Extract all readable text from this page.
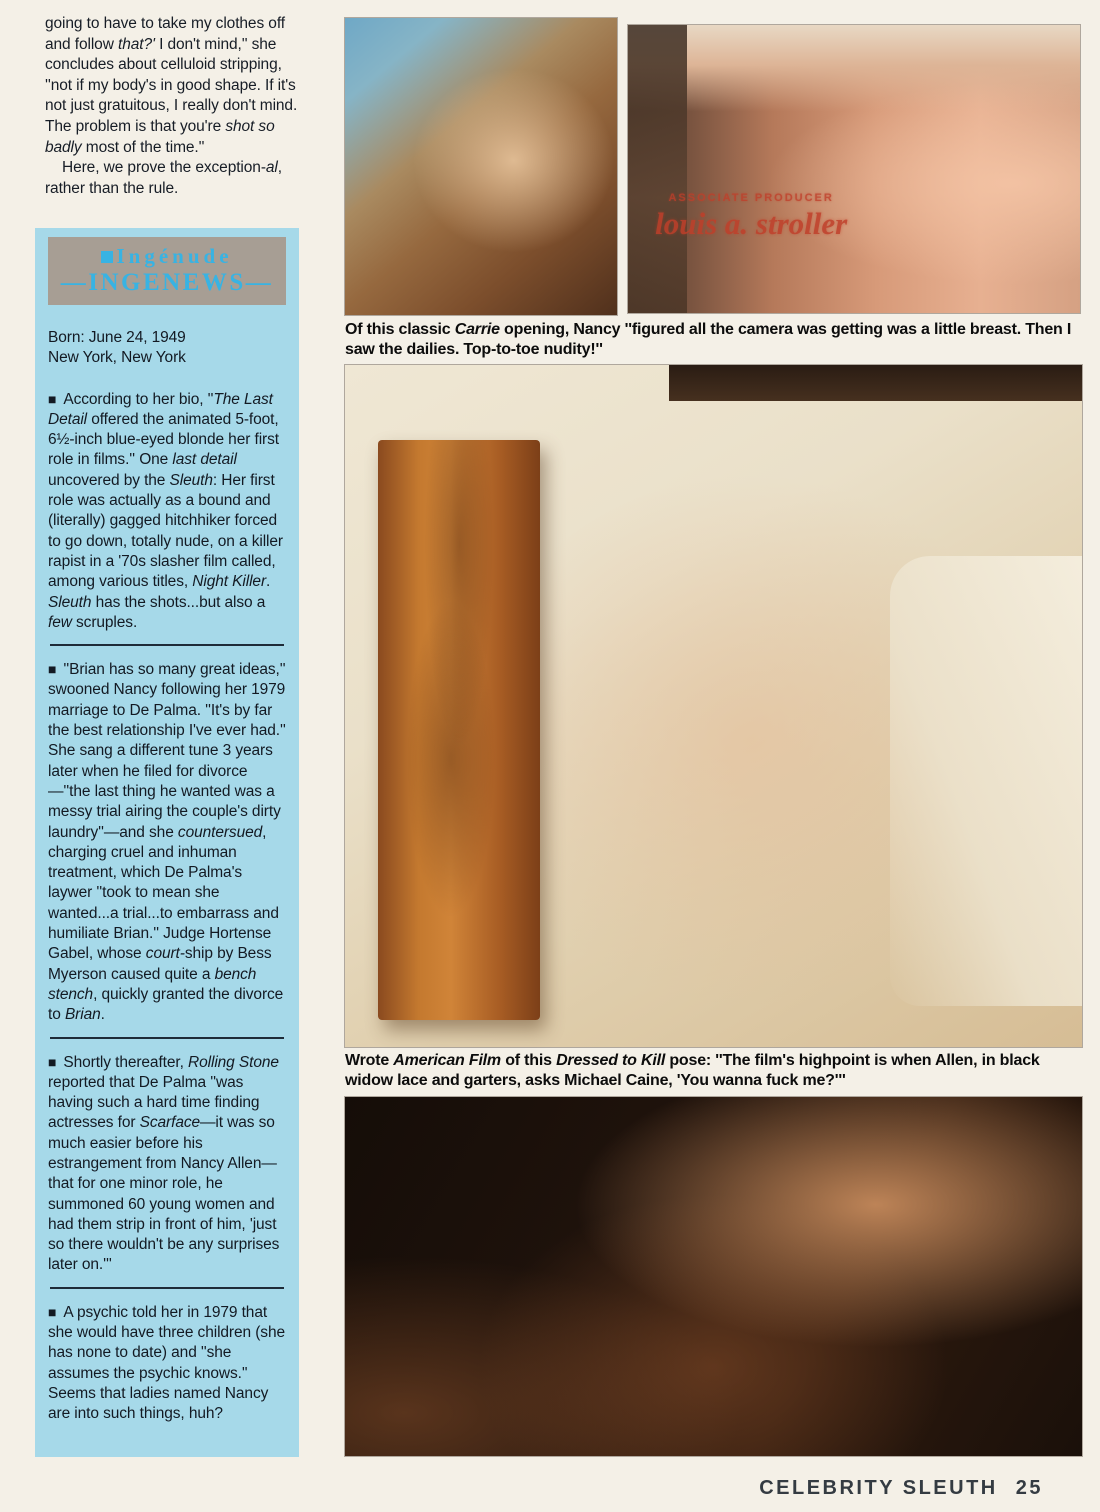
going to have to take my clothes off and follow that?' I don't mind,'' she concludes about celluloid stripping, ''not if my body's in good shape. If it's not just gratuitous, I really don't mind. The problem is that you're shot so badly most of the time.''

Here, we prove the exception-al, rather than the rule.

Ingénude
—INGENEWS—
Born: June 24, 1949
New York, New York

■ According to her bio, ''The Last Detail offered the animated 5-foot, 6½-inch blue-eyed blonde her first role in films.'' One last detail uncovered by the Sleuth: Her first role was actually as a bound and (literally) gagged hitchhiker forced to go down, totally nude, on a killer rapist in a '70s slasher film called, among various titles, Night Killer. Sleuth has the shots...but also a few scruples.

■ ''Brian has so many great ideas,'' swooned Nancy following her 1979 marriage to De Palma. ''It's by far the best relationship I've ever had.'' She sang a different tune 3 years later when he filed for divorce—''the last thing he wanted was a messy trial airing the couple's dirty laundry''—and she countersued, charging cruel and inhuman treatment, which De Palma's laywer ''took to mean she wanted...a trial...to embarrass and humiliate Brian.'' Judge Hortense Gabel, whose court-ship by Bess Myerson caused quite a bench stench, quickly granted the divorce to Brian.

■ Shortly thereafter, Rolling Stone reported that De Palma ''was having such a hard time finding actresses for Scarface—it was so much easier before his estrangement from Nancy Allen—that for one minor role, he summoned 60 young women and had them strip in front of him, 'just so there wouldn't be any surprises later on.'''

■ A psychic told her in 1979 that she would have three children (she has none to date) and ''she assumes the psychic knows.'' Seems that ladies named Nancy are into such things, huh?

ASSOCIATE PRODUCER
louis a. stroller

Of this classic Carrie opening, Nancy ''figured all the camera was getting was a little breast. Then I saw the dailies. Top-to-toe nudity!''

Wrote American Film of this Dressed to Kill pose: ''The film's highpoint is when Allen, in black widow lace and garters, asks Michael Caine, 'You wanna fuck me?'''

CELEBRITY SLEUTH 25
